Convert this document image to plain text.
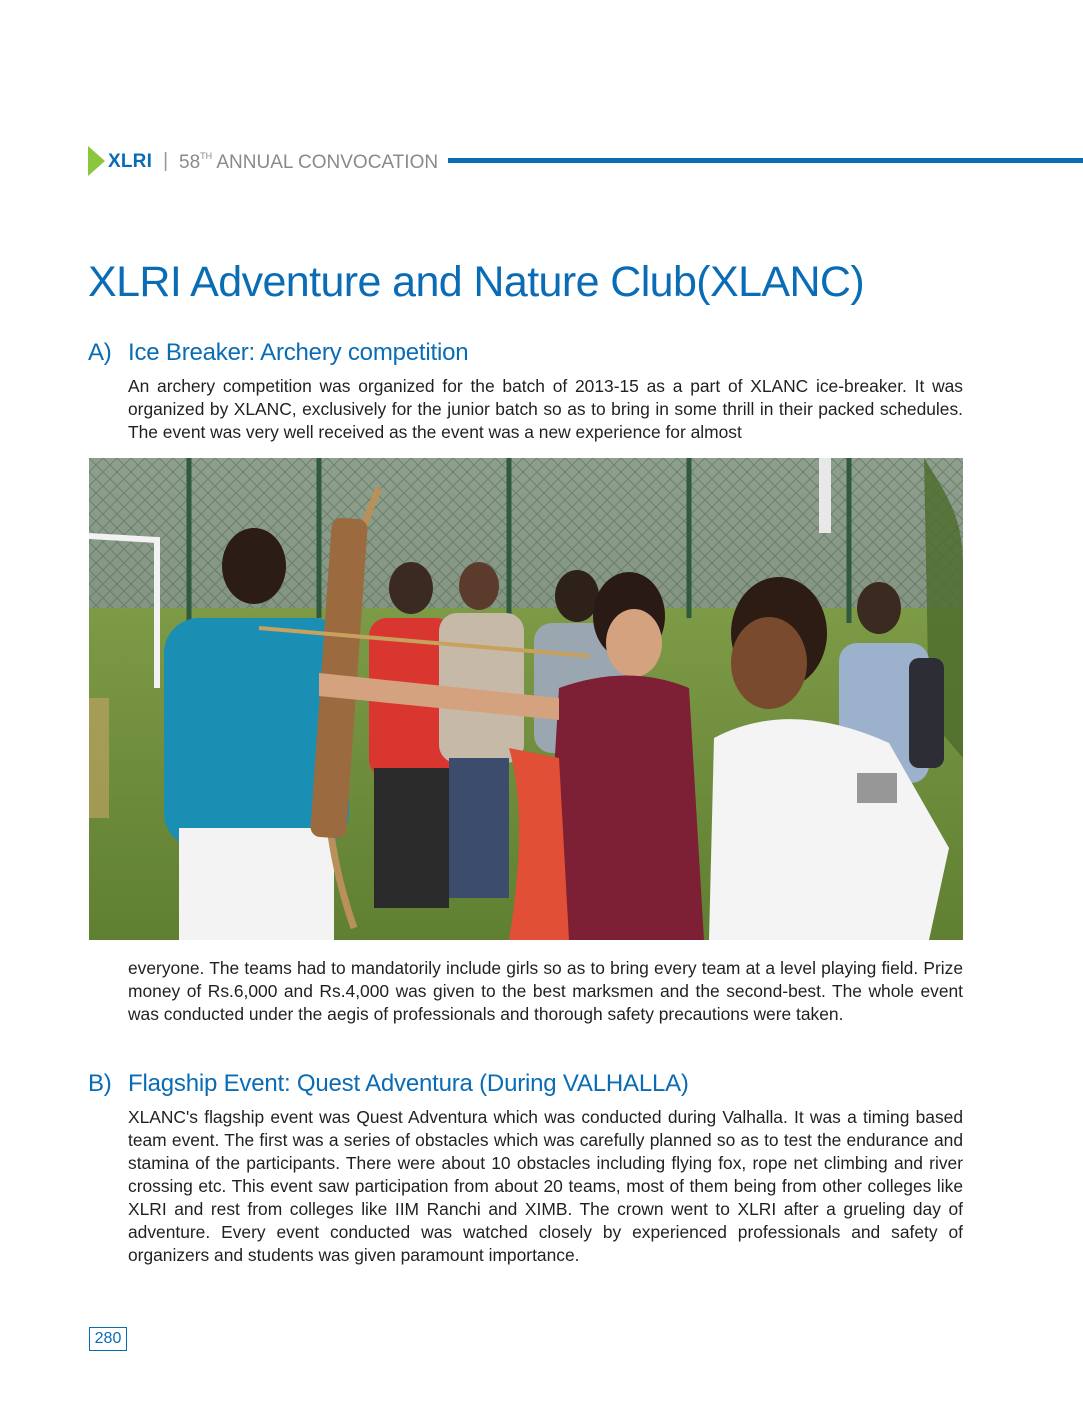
XLRI | 58TH ANNUAL CONVOCATION
XLRI Adventure and Nature Club(XLANC)
A) Ice Breaker: Archery competition

An archery competition was organized for the batch of 2013-15 as a part of XLANC ice-breaker. It was organized by XLANC, exclusively for the junior batch so as to bring in some thrill in their packed schedules. The event was very well received as the event was a new experience for almost

everyone. The teams had to mandatorily include girls so as to bring every team at a level playing field. Prize money of Rs.6,000 and Rs.4,000 was given to the best marksmen and the second-best. The whole event was conducted under the aegis of professionals and thorough safety precautions were taken.

B) Flagship Event: Quest Adventura (During VALHALLA)

XLANC's flagship event was Quest Adventura which was conducted during Valhalla. It was a timing based team event. The first was a series of obstacles which was carefully planned so as to test the endurance and stamina of the participants. There were about 10 obstacles including flying fox, rope net climbing and river crossing etc. This event saw participation from about 20 teams, most of them being from other colleges like XLRI and rest from colleges like IIM Ranchi and XIMB. The crown went to XLRI after a grueling day of adventure. Every event conducted was watched closely by experienced professionals and safety of organizers and students was given paramount importance.

280
